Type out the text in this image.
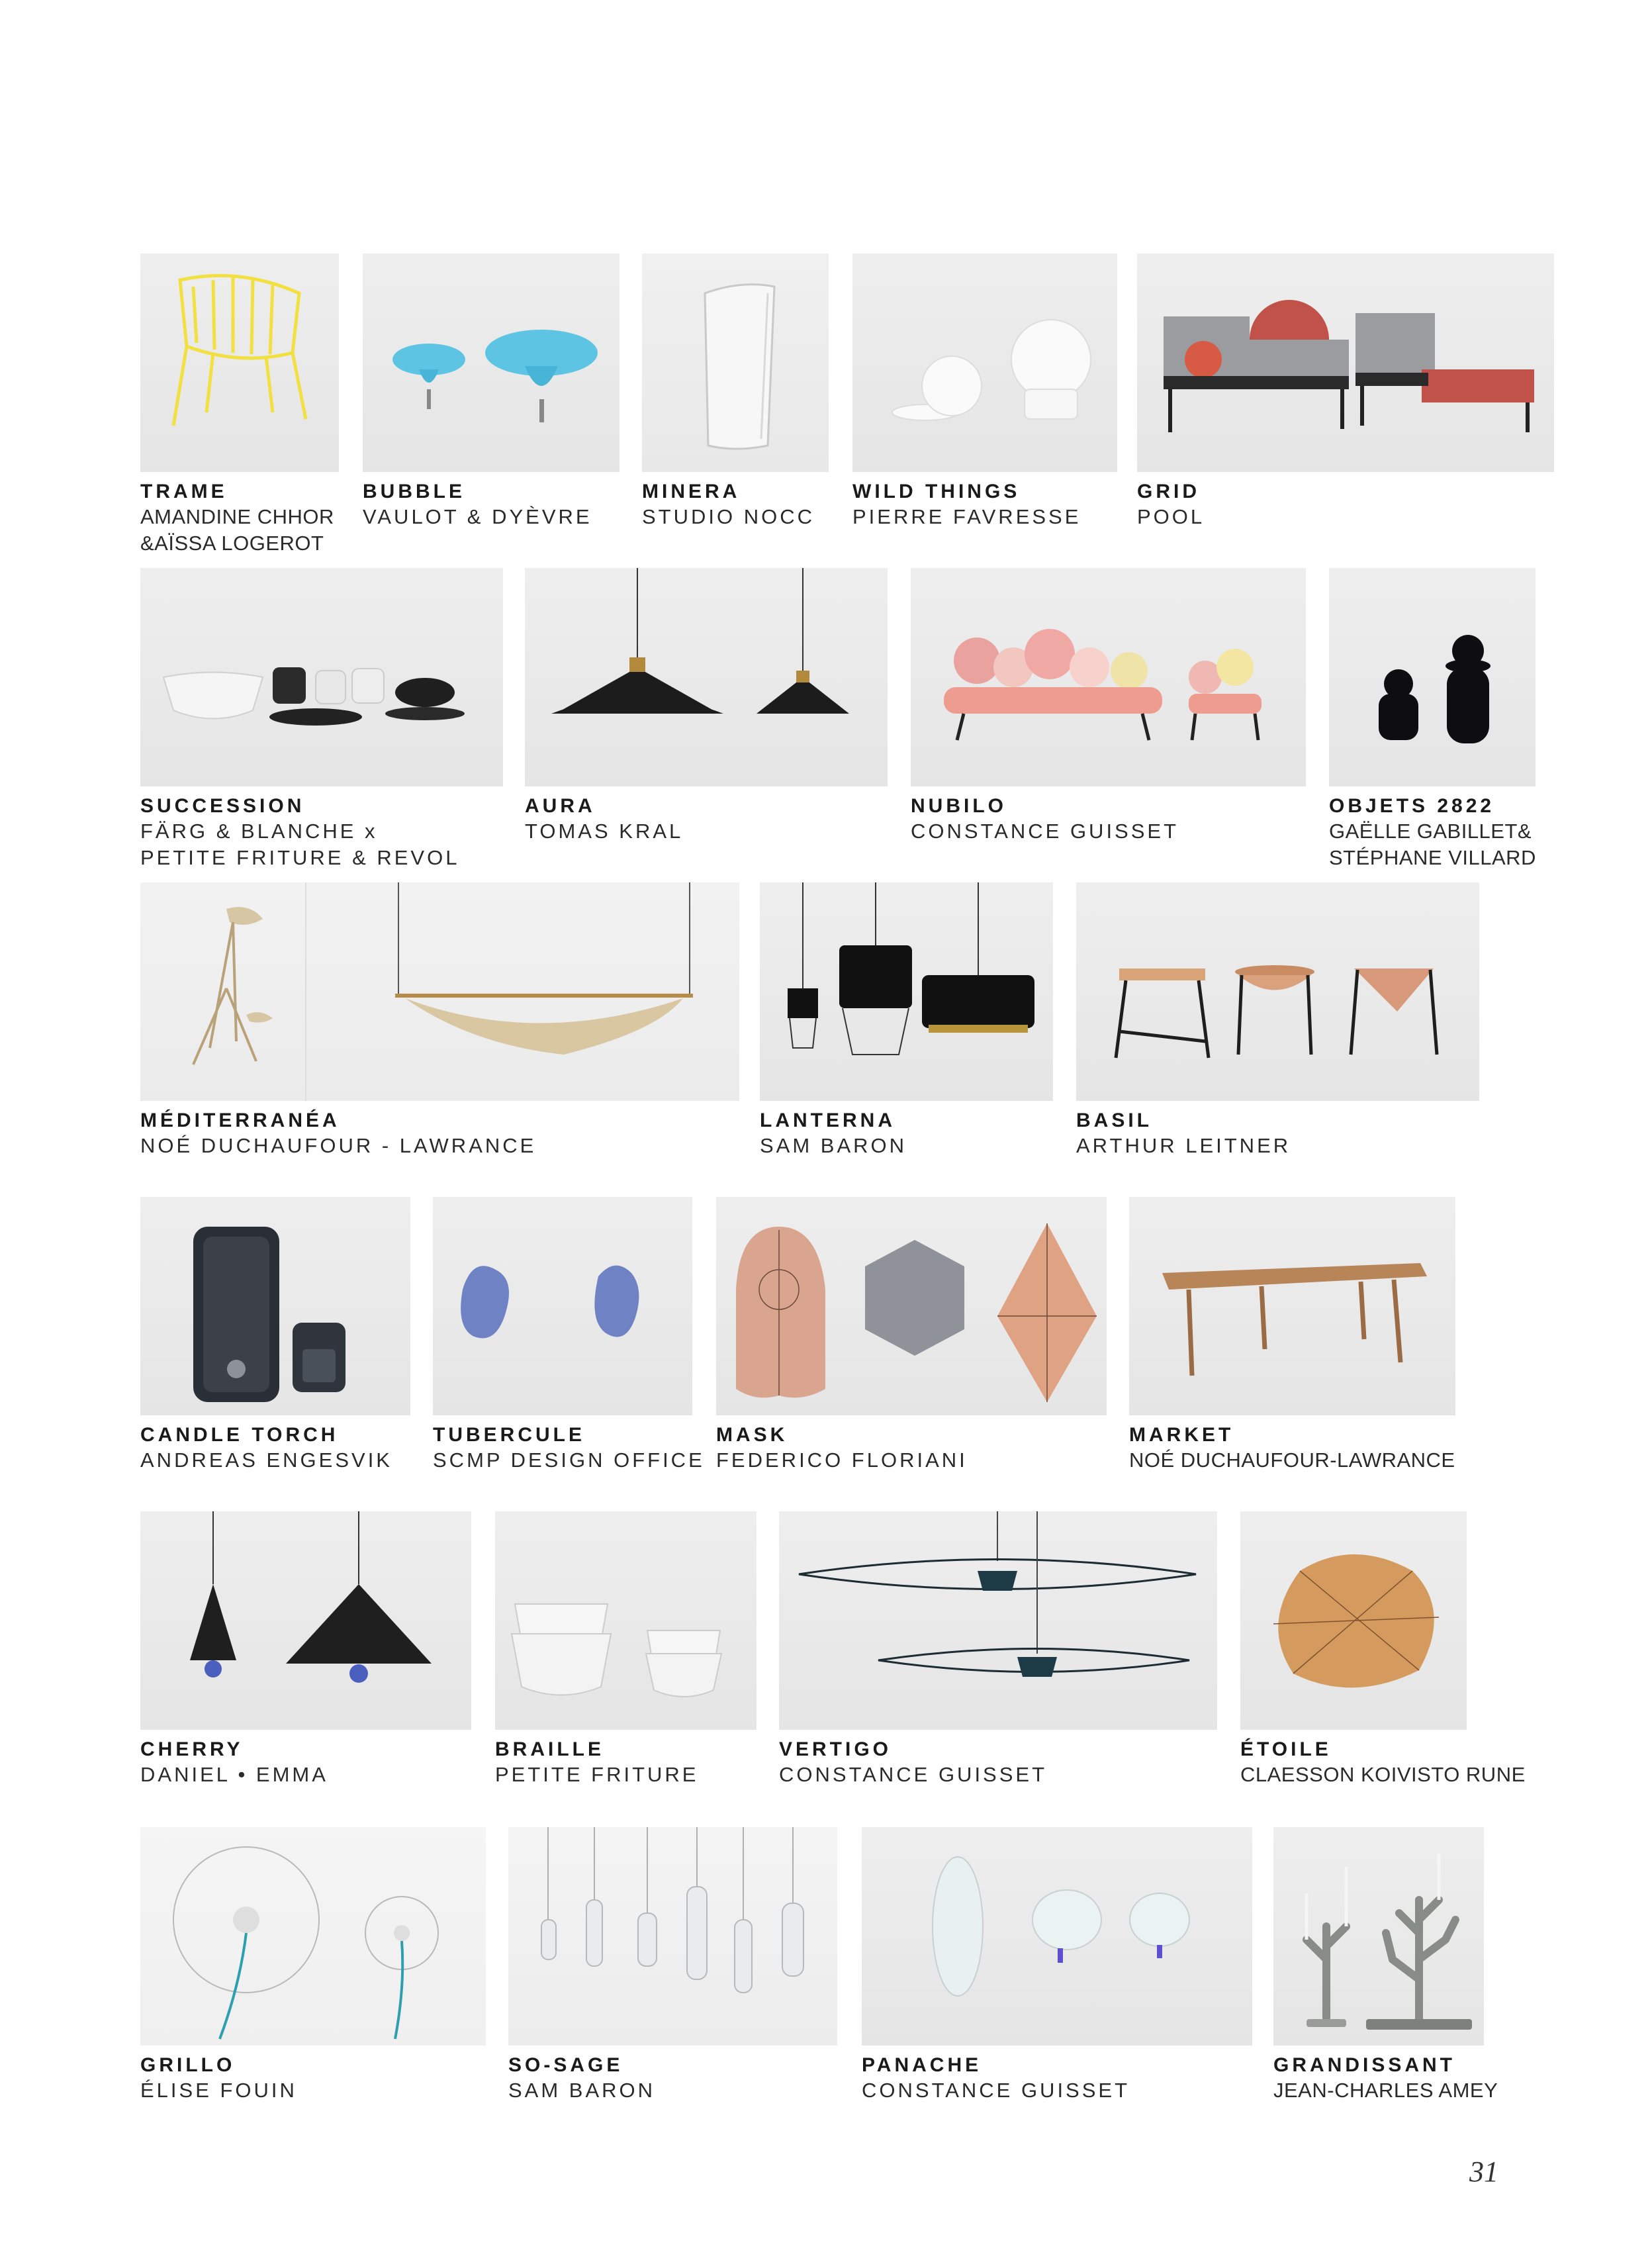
TRAME
AMANDINE CHHOR
&AÏSSA LOGEROT
BUBBLE
VAULOT & DYÈVRE
MINERA
STUDIO NOCC
WILD THINGS
PIERRE FAVRESSE
GRID
POOL
SUCCESSION
FÄRG & BLANCHE x
PETITE FRITURE & REVOL
AURA
TOMAS KRAL
NUBILO
CONSTANCE GUISSET
OBJETS 2822
GAËLLE GABILLET&
STÉPHANE VILLARD
MÉDITERRANÉA
NOÉ DUCHAUFOUR - LAWRANCE
LANTERNA
SAM BARON
BASIL
ARTHUR LEITNER
CANDLE TORCH
ANDREAS ENGESVIK
TUBERCULE
SCMP DESIGN OFFICE
MASK
FEDERICO FLORIANI
MARKET
NOÉ DUCHAUFOUR-LAWRANCE
CHERRY
DANIEL • EMMA
BRAILLE
PETITE FRITURE
VERTIGO
CONSTANCE GUISSET
ÉTOILE
CLAESSON KOIVISTO RUNE
GRILLO
ÉLISE FOUIN
SO-SAGE
SAM BARON
PANACHE
CONSTANCE GUISSET
GRANDISSANT
JEAN-CHARLES AMEY
31
